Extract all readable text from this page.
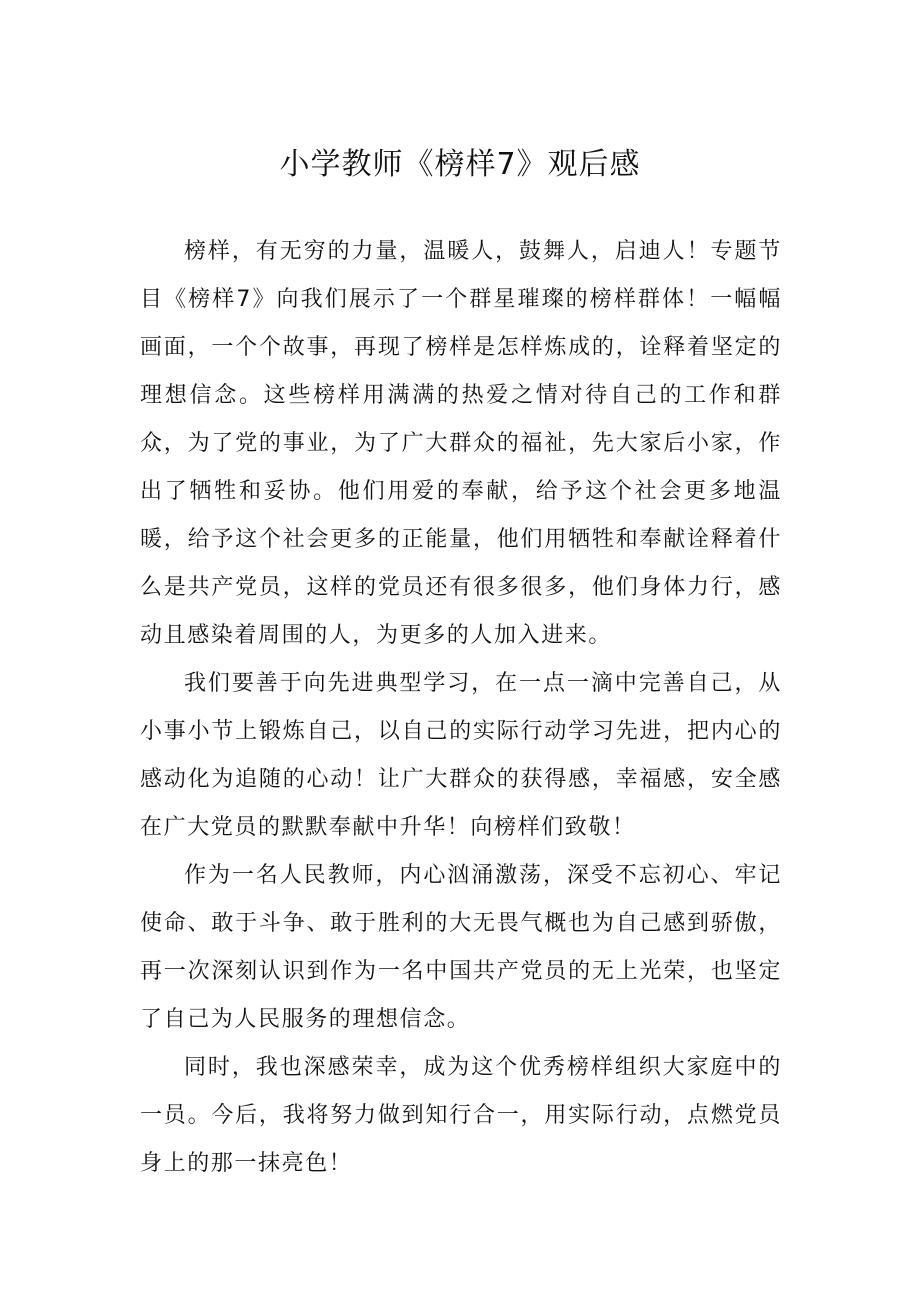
小学教师《榜样7》观后感

榜样，有无穷的力量，温暖人，鼓舞人，启迪人！专题节目《榜样7》向我们展示了一个群星璀璨的榜样群体！一幅幅画面，一个个故事，再现了榜样是怎样炼成的，诠释着坚定的理想信念。这些榜样用满满的热爱之情对待自己的工作和群众，为了党的事业，为了广大群众的福祉，先大家后小家，作出了牺牲和妥协。他们用爱的奉献，给予这个社会更多地温暖，给予这个社会更多的正能量，他们用牺牲和奉献诠释着什么是共产党员，这样的党员还有很多很多，他们身体力行，感动且感染着周围的人，为更多的人加入进来。

我们要善于向先进典型学习，在一点一滴中完善自己，从小事小节上锻炼自己，以自己的实际行动学习先进，把内心的感动化为追随的心动！让广大群众的获得感，幸福感，安全感在广大党员的默默奉献中升华！向榜样们致敬！

作为一名人民教师，内心汹涌激荡，深受不忘初心、牢记使命、敢于斗争、敢于胜利的大无畏气概也为自己感到骄傲，再一次深刻认识到作为一名中国共产党员的无上光荣，也坚定了自己为人民服务的理想信念。

同时，我也深感荣幸，成为这个优秀榜样组织大家庭中的一员。今后，我将努力做到知行合一，用实际行动，点燃党员身上的那一抹亮色！
